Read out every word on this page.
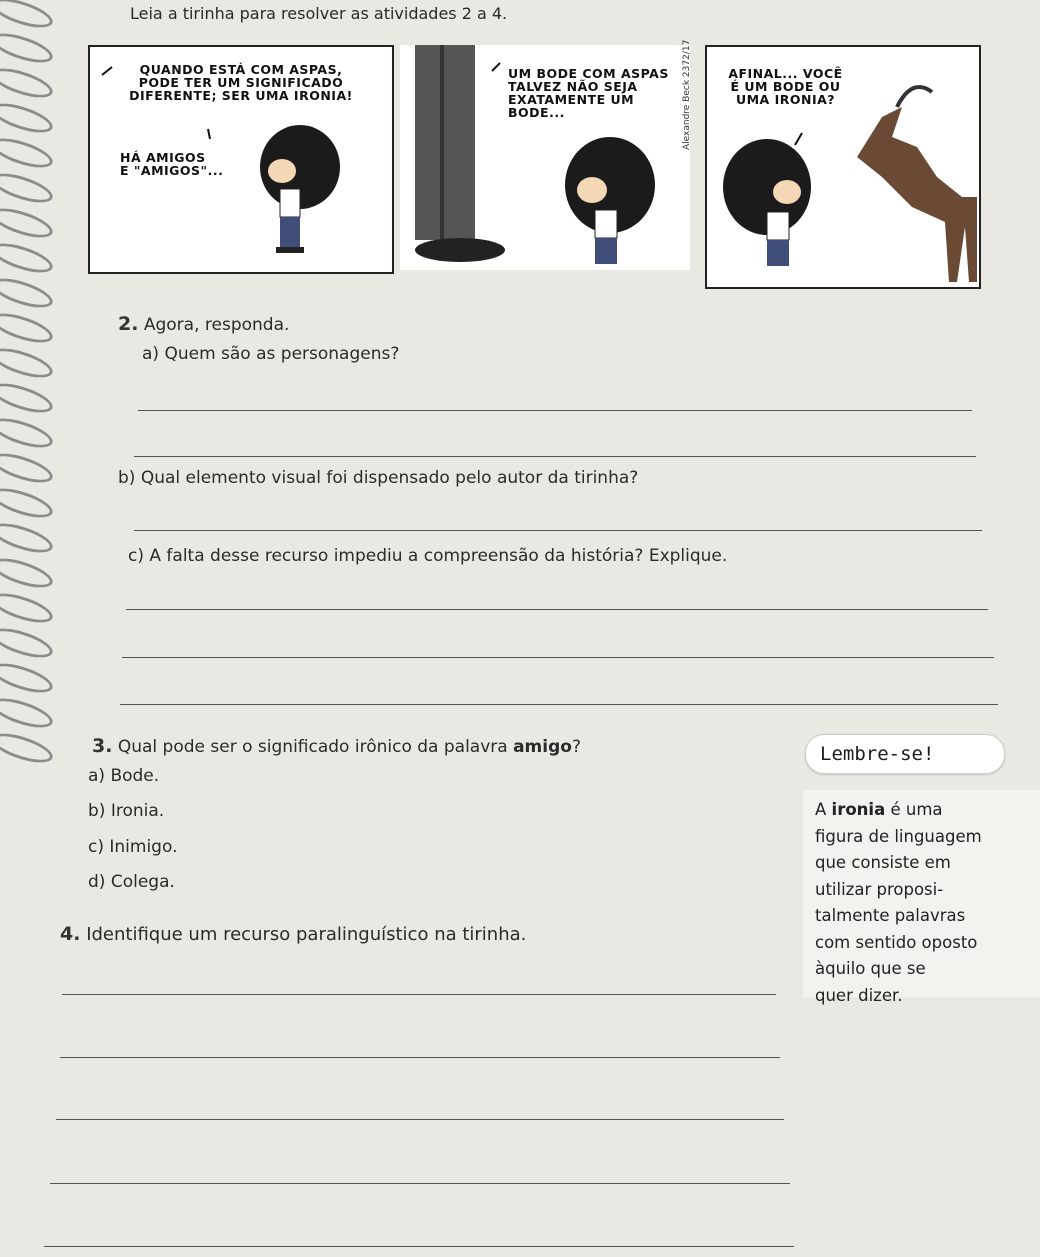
Leia a tirinha para resolver as atividades 2 a 4.
QUANDO ESTÁ COM ASPAS,
PODE TER UM SIGNIFICADO
DIFERENTE; SER UMA IRONIA!
HÁ AMIGOS
E "AMIGOS"...
UM BODE COM ASPAS
TALVEZ NÃO SEJA
EXATAMENTE UM
BODE...	Alexandre Beck 2372/17	AFINAL... VOCÊ
É UM BODE OU
UMA IRONIA?
2. Agora, responda.
a) Quem são as personagens?
b) Qual elemento visual foi dispensado pelo autor da tirinha?
c) A falta desse recurso impediu a compreensão da história? Explique.
3. Qual pode ser o significado irônico da palavra amigo?
a) Bode.
b) Ironia.
c) Inimigo.
d) Colega.
4. Identifique um recurso paralinguístico na tirinha.
Lembre-se!
A ironia é uma
figura de linguagem
que consiste em
utilizar proposi-
talmente palavras
com sentido oposto
àquilo que se
quer dizer.
